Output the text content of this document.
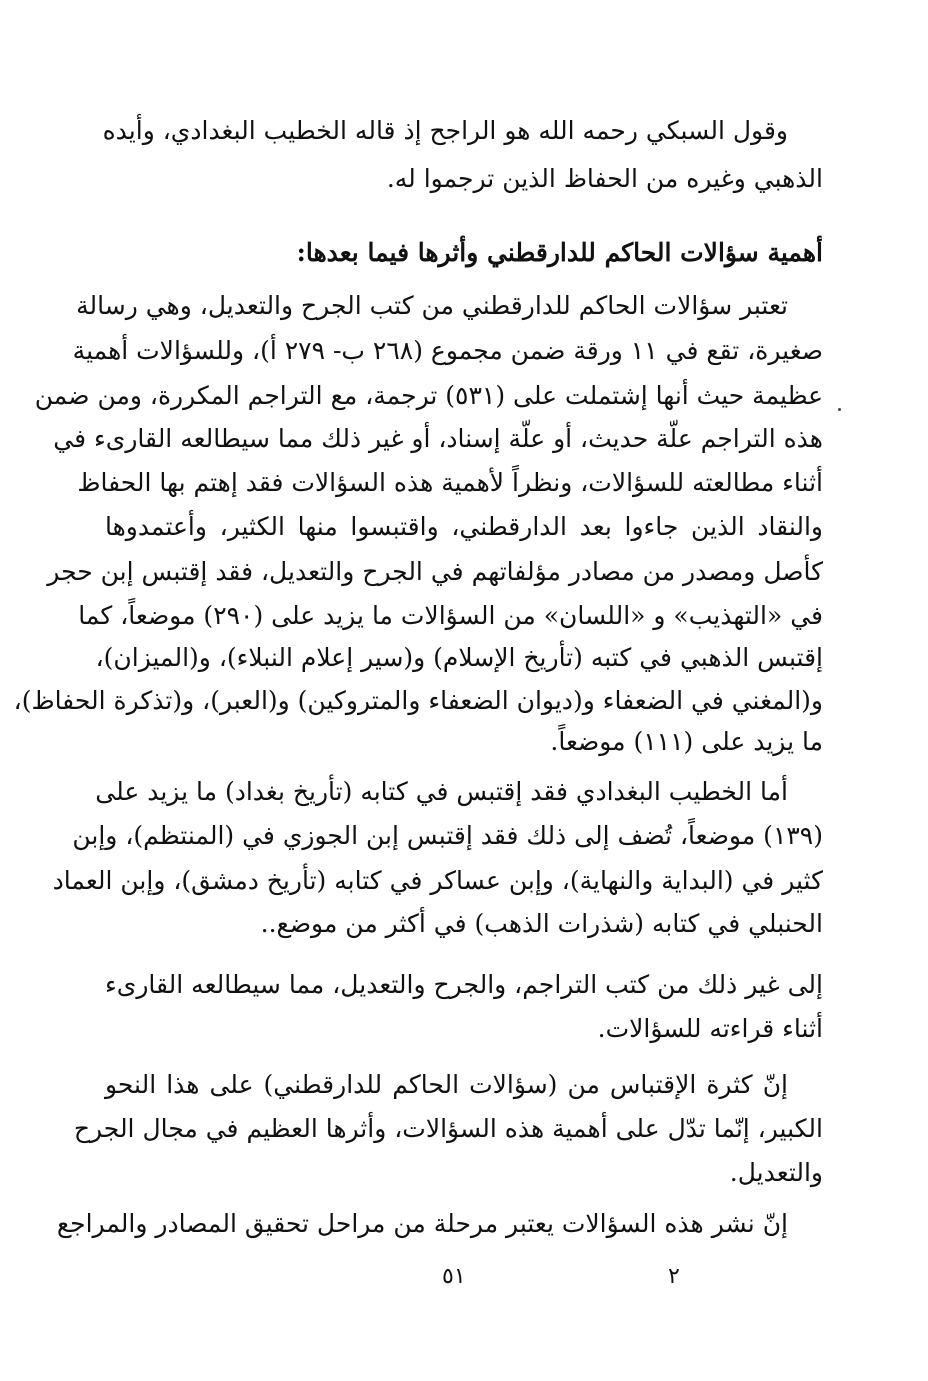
وقول السبكي رحمه الله هو الراجح إذ قاله الخطيب البغدادي، وأيده
الذهبي وغيره من الحفاظ الذين ترجموا له.
أهمية سؤالات الحاكم للدارقطني وأثرها فيما بعدها:
تعتبر سؤالات الحاكم للدارقطني من كتب الجرح والتعديل، وهي رسالة
صغيرة، تقع في ١١ ورقة ضمن مجموع (٢٦٨ ب- ٢٧٩ أ)، وللسؤالات أهمية
عظيمة حيث أنها إشتملت على (٥٣١) ترجمة، مع التراجم المكررة، ومن ضمن
هذه التراجم علّة حديث، أو علّة إسناد، أو غير ذلك مما سيطالعه القارىء في
أثناء مطالعته للسؤالات، ونظراً لأهمية هذه السؤالات فقد إهتم بها الحفاظ
والنقاد الذين جاءوا بعد الدارقطني، واقتبسوا منها الكثير، وأعتمدوها
كأصل ومصدر من مصادر مؤلفاتهم في الجرح والتعديل، فقد إقتبس إبن حجر
في «التهذيب» و «اللسان» من السؤالات ما يزيد على (٢٩٠) موضعاً، كما
إقتبس الذهبي في كتبه (تأريخ الإسلام) و(سير إعلام النبلاء)، و(الميزان)،
و(المغني في الضعفاء و(ديوان الضعفاء والمتروكين) و(العبر)، و(تذكرة الحفاظ)،
ما يزيد على (١١١) موضعاً.
أما الخطيب البغدادي فقد إقتبس في كتابه (تأريخ بغداد) ما يزيد على
(١٣٩) موضعاً، تُضف إلى ذلك فقد إقتبس إبن الجوزي في (المنتظم)، وإبن
كثير في (البداية والنهاية)، وإبن عساكر في كتابه (تأريخ دمشق)، وإبن العماد
الحنبلي في كتابه (شذرات الذهب) في أكثر من موضع..
إلى غير ذلك من كتب التراجم، والجرح والتعديل، مما سيطالعه القارىء
أثناء قراءته للسؤالات.
إنّ كثرة الإقتباس من (سؤالات الحاكم للدارقطني) على هذا النحو
الكبير، إنّما تدّل على أهمية هذه السؤالات، وأثرها العظيم في مجال الجرح
والتعديل.
إنّ نشر هذه السؤالات يعتبر مرحلة من مراحل تحقيق المصادر والمراجع
٥١	٢
